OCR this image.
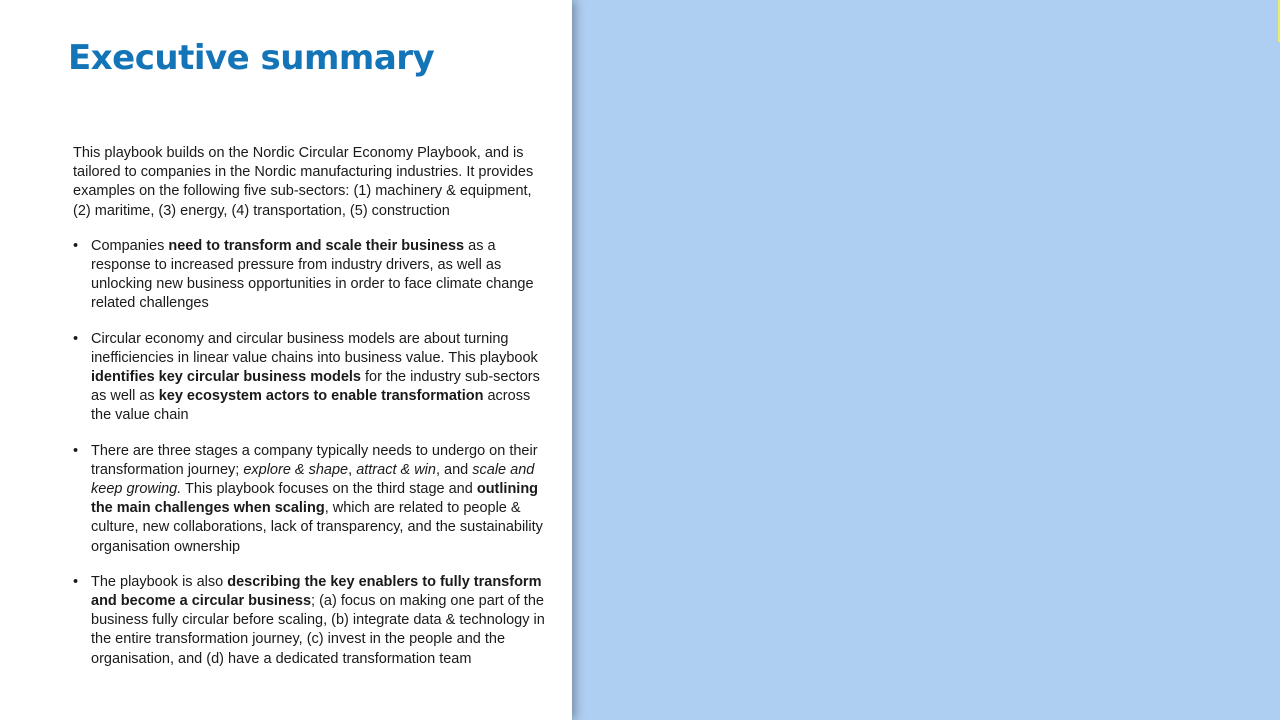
Executive summary

This playbook builds on the Nordic Circular Economy Playbook, and is tailored to companies in the Nordic manufacturing industries. It provides examples on the following five sub-sectors: (1) machinery & equipment, (2) maritime, (3) energy, (4) transportation, (5) construction

• Companies need to transform and scale their business as a response to increased pressure from industry drivers, as well as unlocking new business opportunities in order to face climate change related challenges
• Circular economy and circular business models are about turning inefficiencies in linear value chains into business value. This playbook identifies key circular business models for the industry sub-sectors as well as key ecosystem actors to enable transformation across the value chain
• There are three stages a company typically needs to undergo on their transformation journey; explore & shape, attract & win, and scale and keep growing. This playbook focuses on the third stage and outlining the main challenges when scaling, which are related to people & culture, new collaborations, lack of transparency, and the sustainability organisation ownership
• The playbook is also describing the key enablers to fully transform and become a circular business; (a) focus on making one part of the business fully circular before scaling, (b) integrate data & technology in the entire transformation journey, (c) invest in the people and the organisation, and (d) have a dedicated transformation team
